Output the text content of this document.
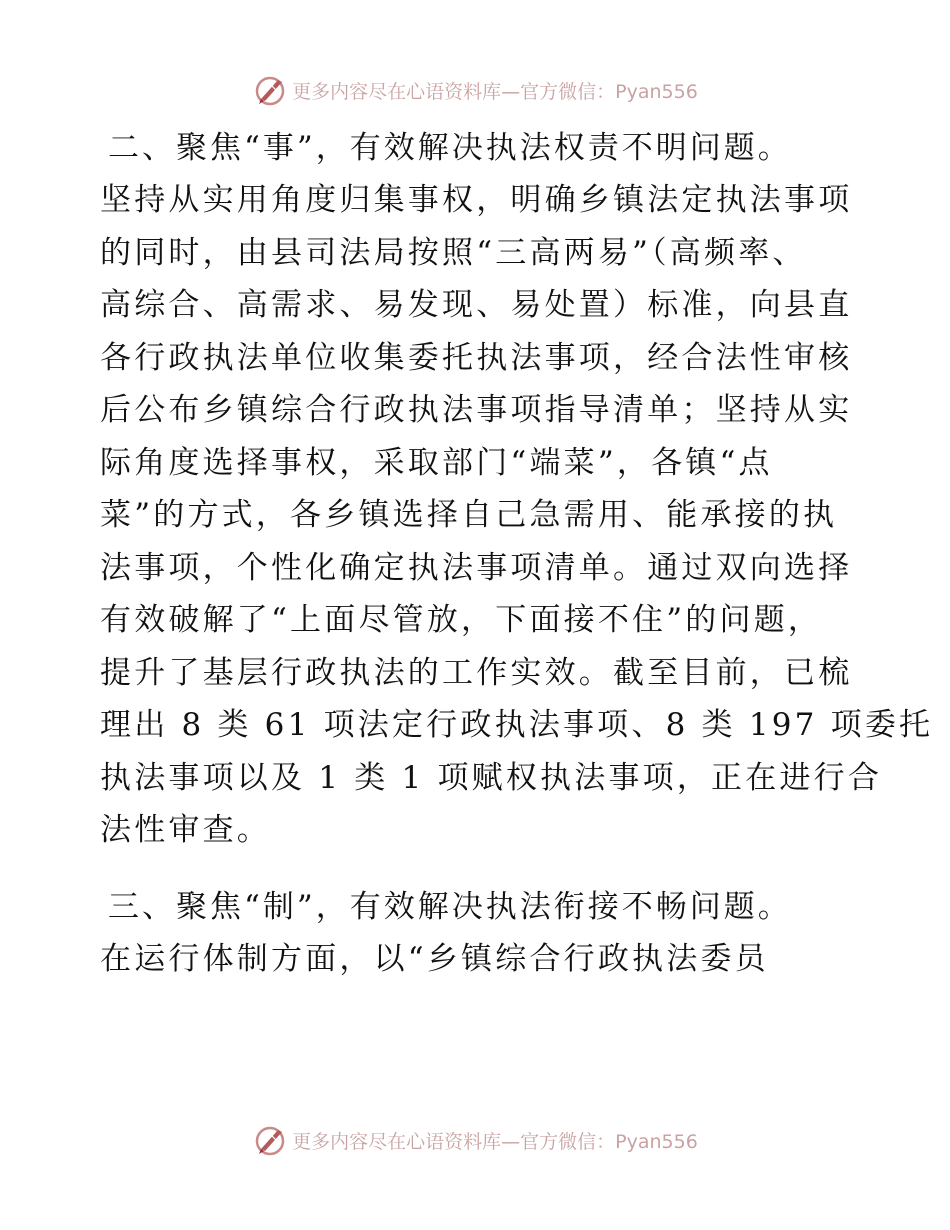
更多内容尽在心语资料库—官方微信：Pyan556
二、聚焦“事”，有效解决执法权责不明问题。
坚持从实用角度归集事权，明确乡镇法定执法事项
的同时，由县司法局按照“三高两易”（高频率、
高综合、高需求、易发现、易处置）标准，向县直
各行政执法单位收集委托执法事项，经合法性审核
后公布乡镇综合行政执法事项指导清单；坚持从实
际角度选择事权，采取部门“端菜”，各镇“点
菜”的方式，各乡镇选择自己急需用、能承接的执
法事项，个性化确定执法事项清单。通过双向选择
有效破解了“上面尽管放，下面接不住”的问题，
提升了基层行政执法的工作实效。截至目前，已梳
理出 8 类 61 项法定行政执法事项、8 类 197 项委托
执法事项以及 1 类 1 项赋权执法事项，正在进行合
法性审查。
三、聚焦“制”，有效解决执法衔接不畅问题。
在运行体制方面，以“乡镇综合行政执法委员
更多内容尽在心语资料库—官方微信：Pyan556
